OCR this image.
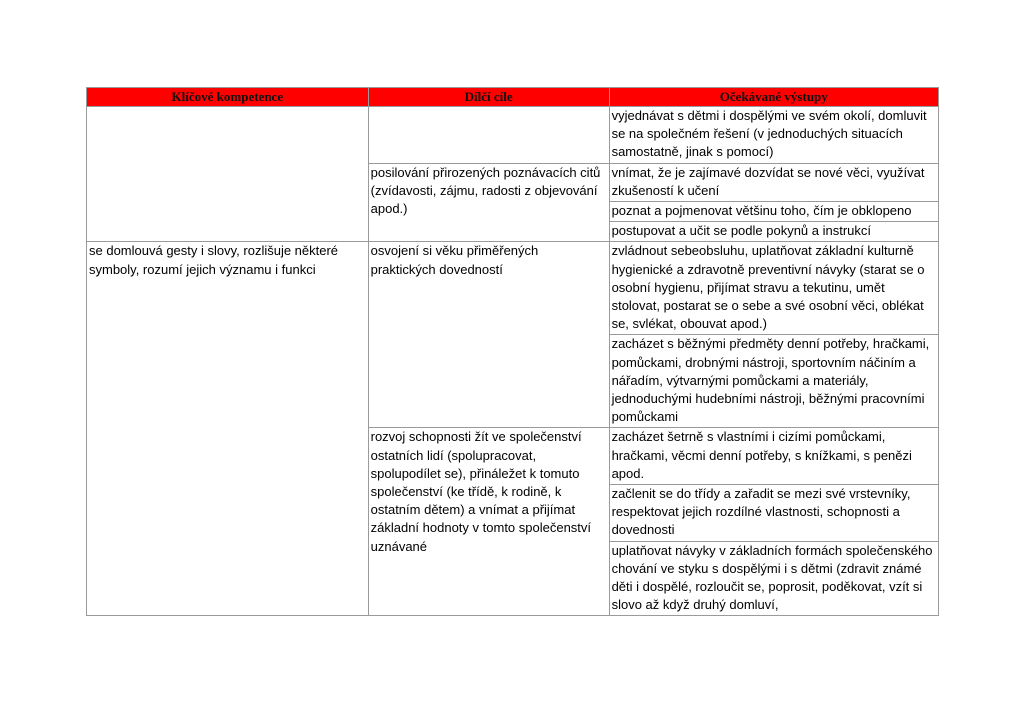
Klíčové kompetence	Dílčí cíle	Očekávané výstupy
		vyjednávat s dětmi i dospělými ve svém okolí, domluvit se na společném řešení (v jednoduchých situacích samostatně, jinak s pomocí)
	posilování přirozených poznávacích citů (zvídavosti, zájmu, radosti z objevování apod.)	vnímat, že je zajímavé dozvídat se nové věci, využívat zkušeností k učení
		poznat a pojmenovat většinu toho, čím je obklopeno
		postupovat a učit se podle pokynů a instrukcí
se domlouvá gesty i slovy, rozlišuje některé symboly, rozumí jejich významu i funkci	osvojení si věku přiměřených praktických dovedností	zvládnout sebeobsluhu, uplatňovat základní kulturně hygienické a zdravotně preventivní návyky (starat se o osobní hygienu, přijímat stravu a tekutinu, umět stolovat, postarat se o sebe a své osobní věci, oblékat se, svlékat, obouvat apod.)
		zacházet s běžnými předměty denní potřeby, hračkami, pomůckami, drobnými nástroji, sportovním náčiním a nářadím, výtvarnými pomůckami a materiály, jednoduchými hudebními nástroji, běžnými pracovními pomůckami
	rozvoj schopnosti žít ve společenství ostatních lidí (spolupracovat, spolupodílet se), přináležet k tomuto společenství (ke třídě, k rodině, k ostatním dětem) a vnímat a přijímat základní hodnoty v tomto společenství uznávané	zacházet šetrně s vlastními i cizími pomůckami, hračkami, věcmi denní potřeby, s knížkami, s penězi apod.
		začlenit se do třídy a zařadit se mezi své vrstevníky, respektovat jejich rozdílné vlastnosti, schopnosti a dovednosti
		uplatňovat návyky v základních formách společenského chování ve styku s dospělými i s dětmi (zdravit známé děti i dospělé, rozloučit se, poprosit, poděkovat, vzít si slovo až když druhý domluví,
